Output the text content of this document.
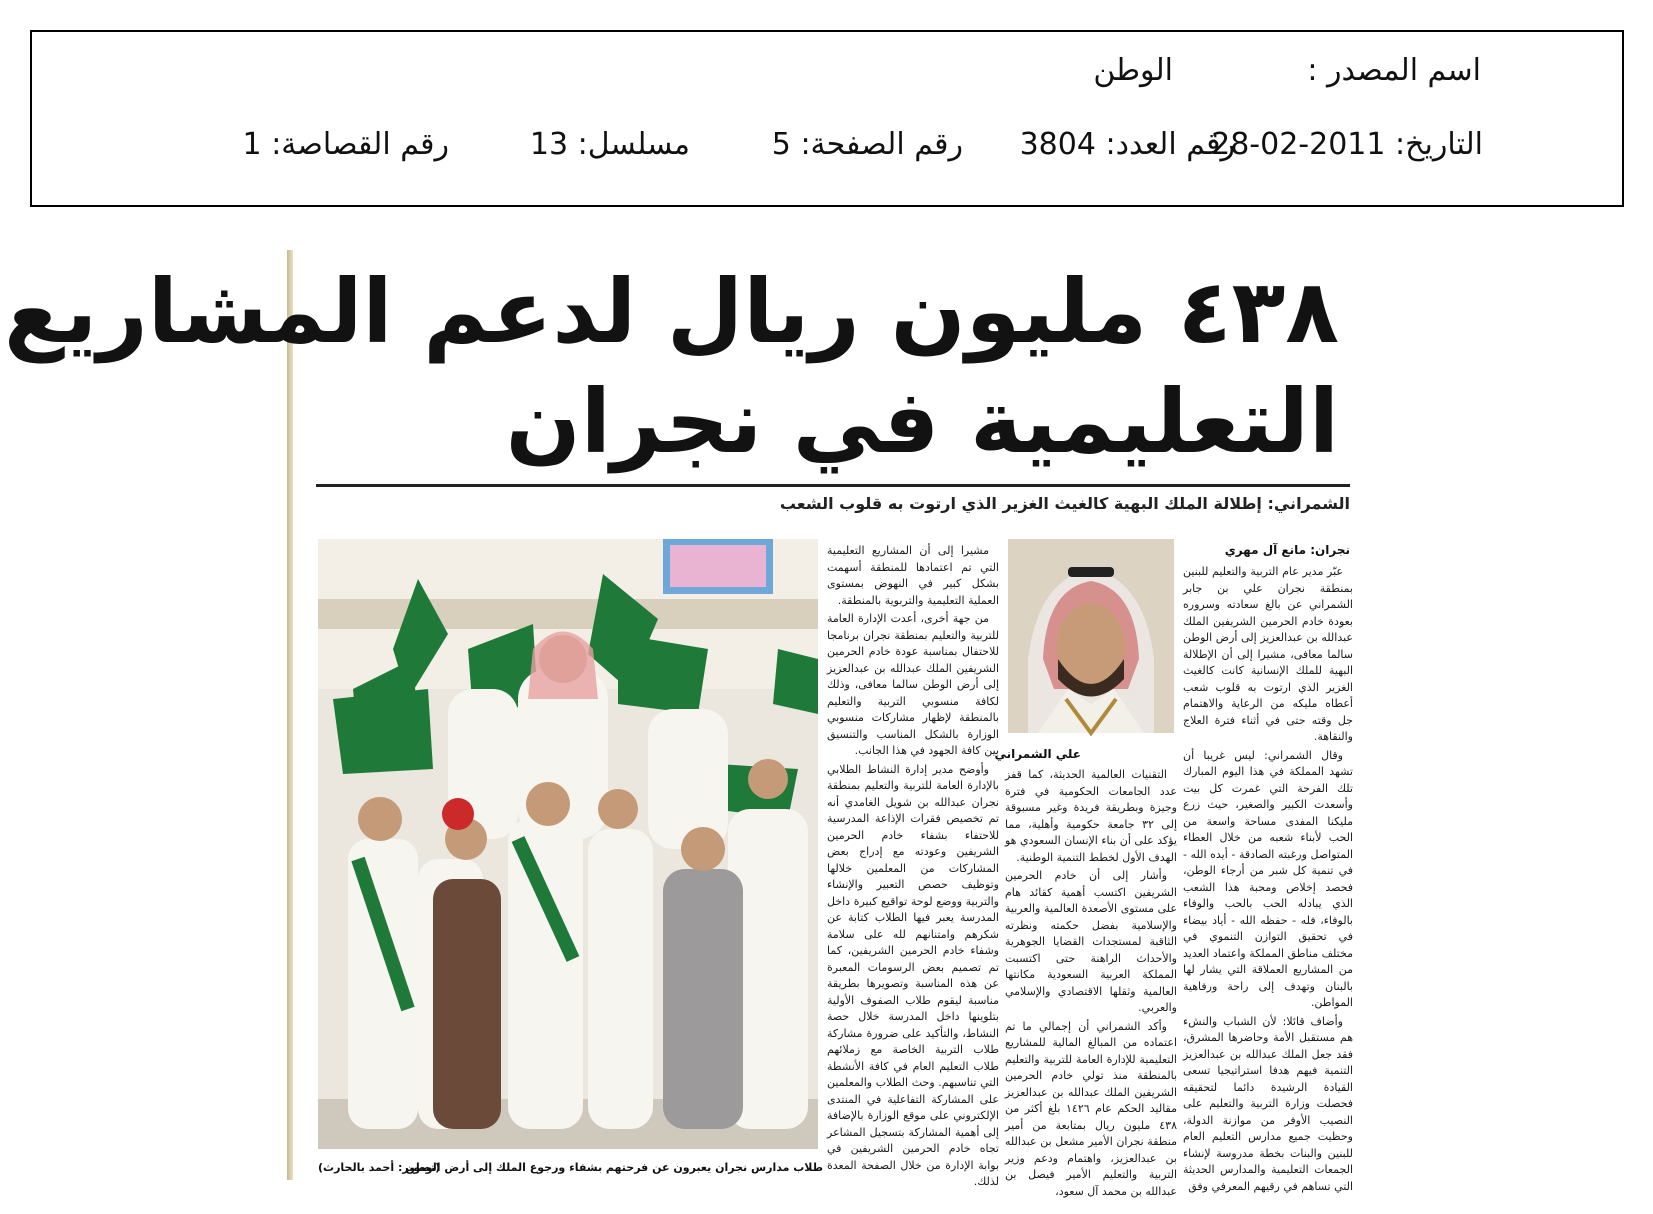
اسم المصدر :
الوطن
التاريخ: 28-02-2011
رقم العدد: 3804
رقم الصفحة: 5
مسلسل: 13
رقم القصاصة: 1
٤٣٨ مليون ريال لدعم المشاريع
التعليمية في نجران
الشمراني: إطلالة الملك البهية كالغيث الغزير الذي ارتوت به قلوب الشعب
نجران: مانع آل مهري

عبّر مدير عام التربية والتعليم للبنين بمنطقة نجران علي بن جابر الشمراني عن بالغ سعادته وسروره بعودة خادم الحرمين الشريفين الملك عبدالله بن عبدالعزيز إلى أرض الوطن سالما معافى، مشيرا إلى أن الإطلالة البهية للملك الإنسانية كانت كالغيث الغزير الذي ارتوت به قلوب شعب أعطاه مليكه من الرعاية والاهتمام جل وقته حتى في أثناء فترة العلاج والنقاهة.

وقال الشمراني: ليس غريبا أن تشهد المملكة في هذا اليوم المبارك تلك الفرحة التي غمرت كل بيت وأسعدت الكبير والصغير، حيث زرع مليكنا المفدى مساحة واسعة من الحب لأبناء شعبه من خلال العطاء المتواصل ورغبته الصادقة - أيده الله - في تنمية كل شبر من أرجاء الوطن، فحصد إخلاص ومحبة هذا الشعب الذي يبادله الحب بالحب والوفاء بالوفاء، فله - حفظه الله - أياد بيضاء في تحقيق التوازن التنموي في مختلف مناطق المملكة واعتماد العديد من المشاريع العملاقة التي يشار لها بالبنان وتهدف إلى راحة ورفاهية المواطن.

وأضاف قائلا: لأن الشباب والنشء هم مستقبل الأمة وحاضرها المشرق، فقد جعل الملك عبدالله بن عبدالعزيز التنمية فيهم هدفا استراتيجيا تسعى القيادة الرشيدة دائما لتحقيقه فحصلت وزارة التربية والتعليم على النصيب الأوفر من موازنة الدولة، وحظيت جميع مدارس التعليم العام للبنين والبنات بخطة مدروسة لإنشاء الجمعات التعليمية والمدارس الحديثة التي تساهم في رقيهم المعرفي وفق

علي الشمراني

التقنيات العالمية الحديثة، كما قفز عدد الجامعات الحكومية في فترة وجيزة وبطريقة فريدة وغير مسبوقة إلى ٣٢ جامعة حكومية وأهلية، مما يؤكد على أن بناء الإنسان السعودي هو الهدف الأول لخطط التنمية الوطنية.

وأشار إلى أن خادم الحرمين الشريفين اكتسب أهمية كقائد هام على مستوى الأصعدة العالمية والعربية والإسلامية بفضل حكمته ونظرته الثاقبة لمستجدات القضايا الجوهرية والأحداث الراهنة حتى اكتسبت المملكة العربية السعودية مكانتها العالمية وثقلها الاقتصادي والإسلامي والعربي.

وأكد الشمراني أن إجمالي ما تم اعتماده من المبالغ المالية للمشاريع التعليمية للإدارة العامة للتربية والتعليم بالمنطقة منذ تولي خادم الحرمين الشريفين الملك عبدالله بن عبدالعزيز مقاليد الحكم عام ١٤٢٦ بلغ أكثر من ٤٣٨ مليون ريال بمتابعة من أمير منطقة نجران الأمير مشعل بن عبدالله بن عبدالعزيز، واهتمام ودعم وزير التربية والتعليم الأمير فيصل بن عبدالله بن محمد آل سعود،

مشيرا إلى أن المشاريع التعليمية التي تم اعتمادها للمنطقة أسهمت بشكل كبير في النهوض بمستوى العملية التعليمية والتربوية بالمنطقة.

من جهة أخرى، أعدت الإدارة العامة للتربية والتعليم بمنطقة نجران برنامجا للاحتفال بمناسبة عودة خادم الحرمين الشريفين الملك عبدالله بن عبدالعزيز إلى أرض الوطن سالما معافى، وذلك لكافة منسوبي التربية والتعليم بالمنطقة لإظهار مشاركات منسوبي الوزارة بالشكل المناسب والتنسيق بين كافة الجهود في هذا الجانب.

وأوضح مدير إدارة النشاط الطلابي بالإدارة العامة للتربية والتعليم بمنطقة نجران عبدالله بن شويل الغامدي أنه تم تخصيص فقرات الإذاعة المدرسية للاحتفاء بشفاء خادم الحرمين الشريفين وعودته مع إدراج بعض المشاركات من المعلمين خلالها وتوظيف حصص التعبير والإنشاء والتربية ووضع لوحة تواقيع كبيرة داخل المدرسة يعبر فيها الطلاب كتابة عن شكرهم وامتنانهم لله على سلامة وشفاء خادم الحرمين الشريفين، كما تم تصميم بعض الرسومات المعبرة عن هذه المناسبة وتصويرها بطريقة مناسبة ليقوم طلاب الصفوف الأولية بتلوينها داخل المدرسة خلال حصة النشاط، والتأكيد على ضرورة مشاركة طلاب التربية الخاصة مع زملائهم طلاب التعليم العام في كافة الأنشطة التي تناسبهم. وحث الطلاب والمعلمين على المشاركة التفاعلية في المنتدى الإلكتروني على موقع الوزارة بالإضافة إلى أهمية المشاركة بتسجيل المشاعر تجاه خادم الحرمين الشريفين في بوابة الإدارة من خلال الصفحة المعدة لذلك.

طلاب مدارس نجران يعبرون عن فرحتهم بشفاء ورجوع الملك إلى أرض الوطن
(تصوير: أحمد بالحارث)
